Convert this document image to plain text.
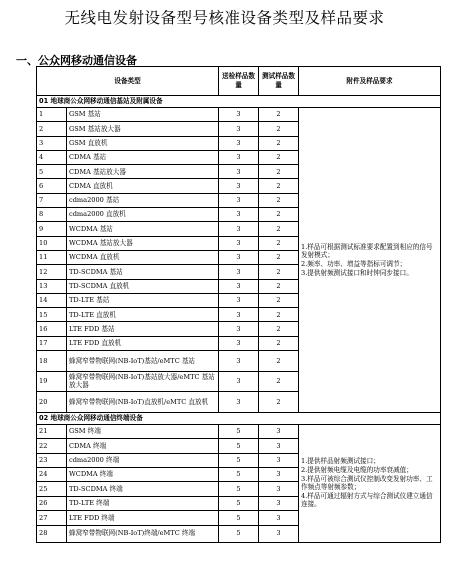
无线电发射设备型号核准设备类型及样品要求
一、公众网移动通信设备
设备类型		送检样品数量	测试样品数量	附件及样品要求
01 地球商公众网移动通信基站及附属设备				
1	GSM 基站	3	2	1.样品可根据测试标准要求配置到相应的信号发射模式；
2.频率、功率、增益等指标可调节；
3.提供射频测试接口和时钟同步接口。

2	GSM 基站放大器	3	2	
3	GSM 直放机	3	2	
4	CDMA 基站	3	2	
5	CDMA 基站放大器	3	2	
6	CDMA 直放机	3	2	
7	cdma2000 基站	3	2	
8	cdma2000 直放机	3	2	
9	WCDMA 基站	3	2	
10	WCDMA 基站放大器	3	2	
11	WCDMA 直放机	3	2	
12	TD-SCDMA 基站	3	2	
13	TD-SCDMA 直放机	3	2	
14	TD-LTE 基站	3	2	
15	TD-LTE 直放机	3	2	
16	LTE FDD 基站	3	2	
17	LTE FDD 直放机	3	2	
18	蜂窝窄带物联网(NB-IoT)基站/eMTC 基站	3	2	
19	蜂窝窄带物联网(NB-IoT)基站放大器/eMTC 基站放大器	3	2	
20	蜂窝窄带物联网(NB-IoT)直放机/eMTC 直放机	3	2	
02 地球商公众网移动通信终端设备				
21	GSM 终端	5	3	1.提供样品射频测试接口；
2.提供射频电缆及电缆的功率衰减值；
3.样品可被综合测试仪控制改变发射功率、工作频点等射频参数；
4.样品可通过辐射方式与综合测试仪建立通信连接。

22	CDMA 终端	5	3	
23	cdma2000 终端	5	3	
24	WCDMA 终端	5	3	
25	TD-SCDMA 终端	5	3	
26	TD-LTE 终端	5	3	
27	LTE FDD 终端	5	3	
28	蜂窝窄带物联网(NB-IoT)终端/eMTC 终端	5	3	
